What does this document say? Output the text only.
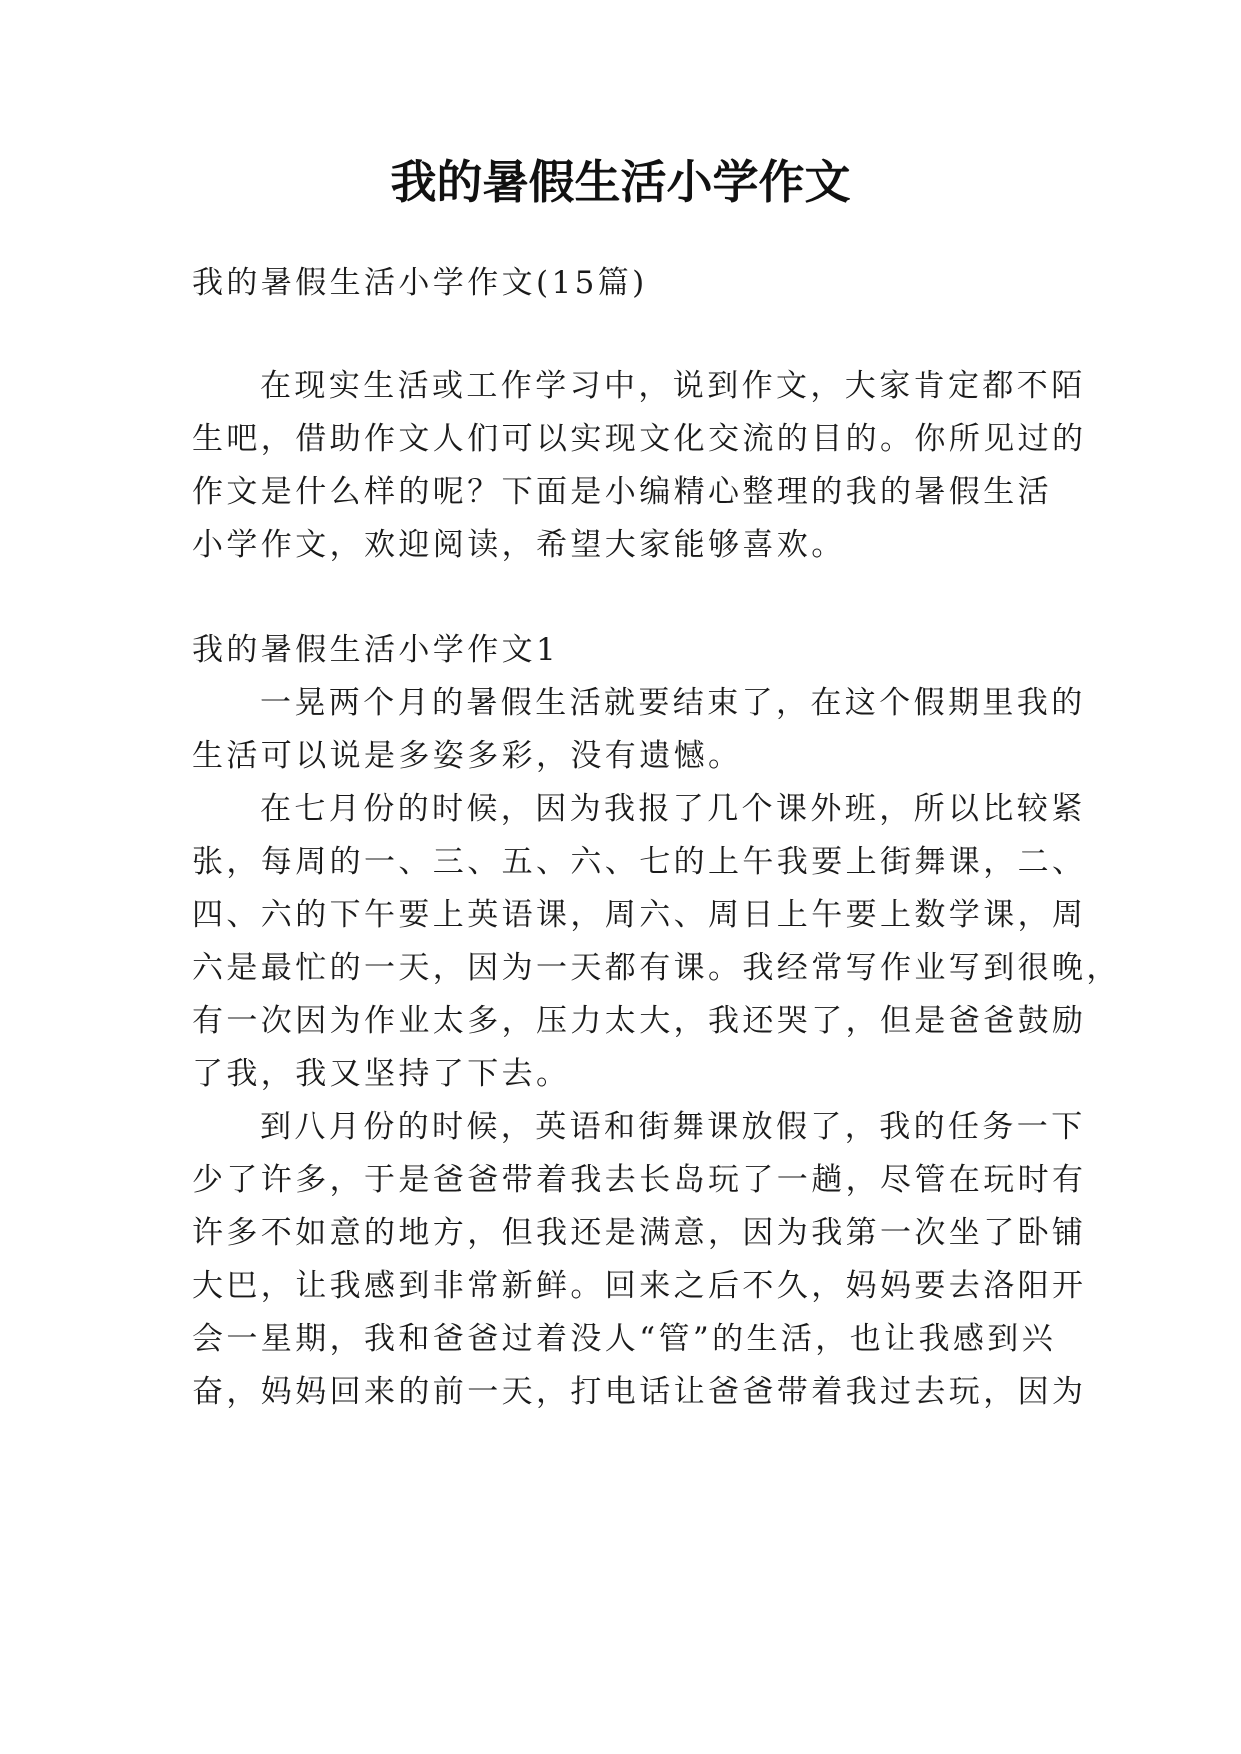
我的暑假生活小学作文

我的暑假生活小学作文(15篇)

在现实生活或工作学习中，说到作文，大家肯定都不陌

生吧，借助作文人们可以实现文化交流的目的。你所见过的

作文是什么样的呢？下面是小编精心整理的我的暑假生活

小学作文，欢迎阅读，希望大家能够喜欢。

我的暑假生活小学作文1

一晃两个月的暑假生活就要结束了，在这个假期里我的

生活可以说是多姿多彩，没有遗憾。

在七月份的时候，因为我报了几个课外班，所以比较紧

张，每周的一、三、五、六、七的上午我要上街舞课，二、

四、六的下午要上英语课，周六、周日上午要上数学课，周

六是最忙的一天，因为一天都有课。我经常写作业写到很晚，

有一次因为作业太多，压力太大，我还哭了，但是爸爸鼓励

了我，我又坚持了下去。

到八月份的时候，英语和街舞课放假了，我的任务一下

少了许多，于是爸爸带着我去长岛玩了一趟，尽管在玩时有

许多不如意的地方，但我还是满意，因为我第一次坐了卧铺

大巴，让我感到非常新鲜。回来之后不久，妈妈要去洛阳开

会一星期，我和爸爸过着没人“管”的生活，也让我感到兴

奋，妈妈回来的前一天，打电话让爸爸带着我过去玩，因为
